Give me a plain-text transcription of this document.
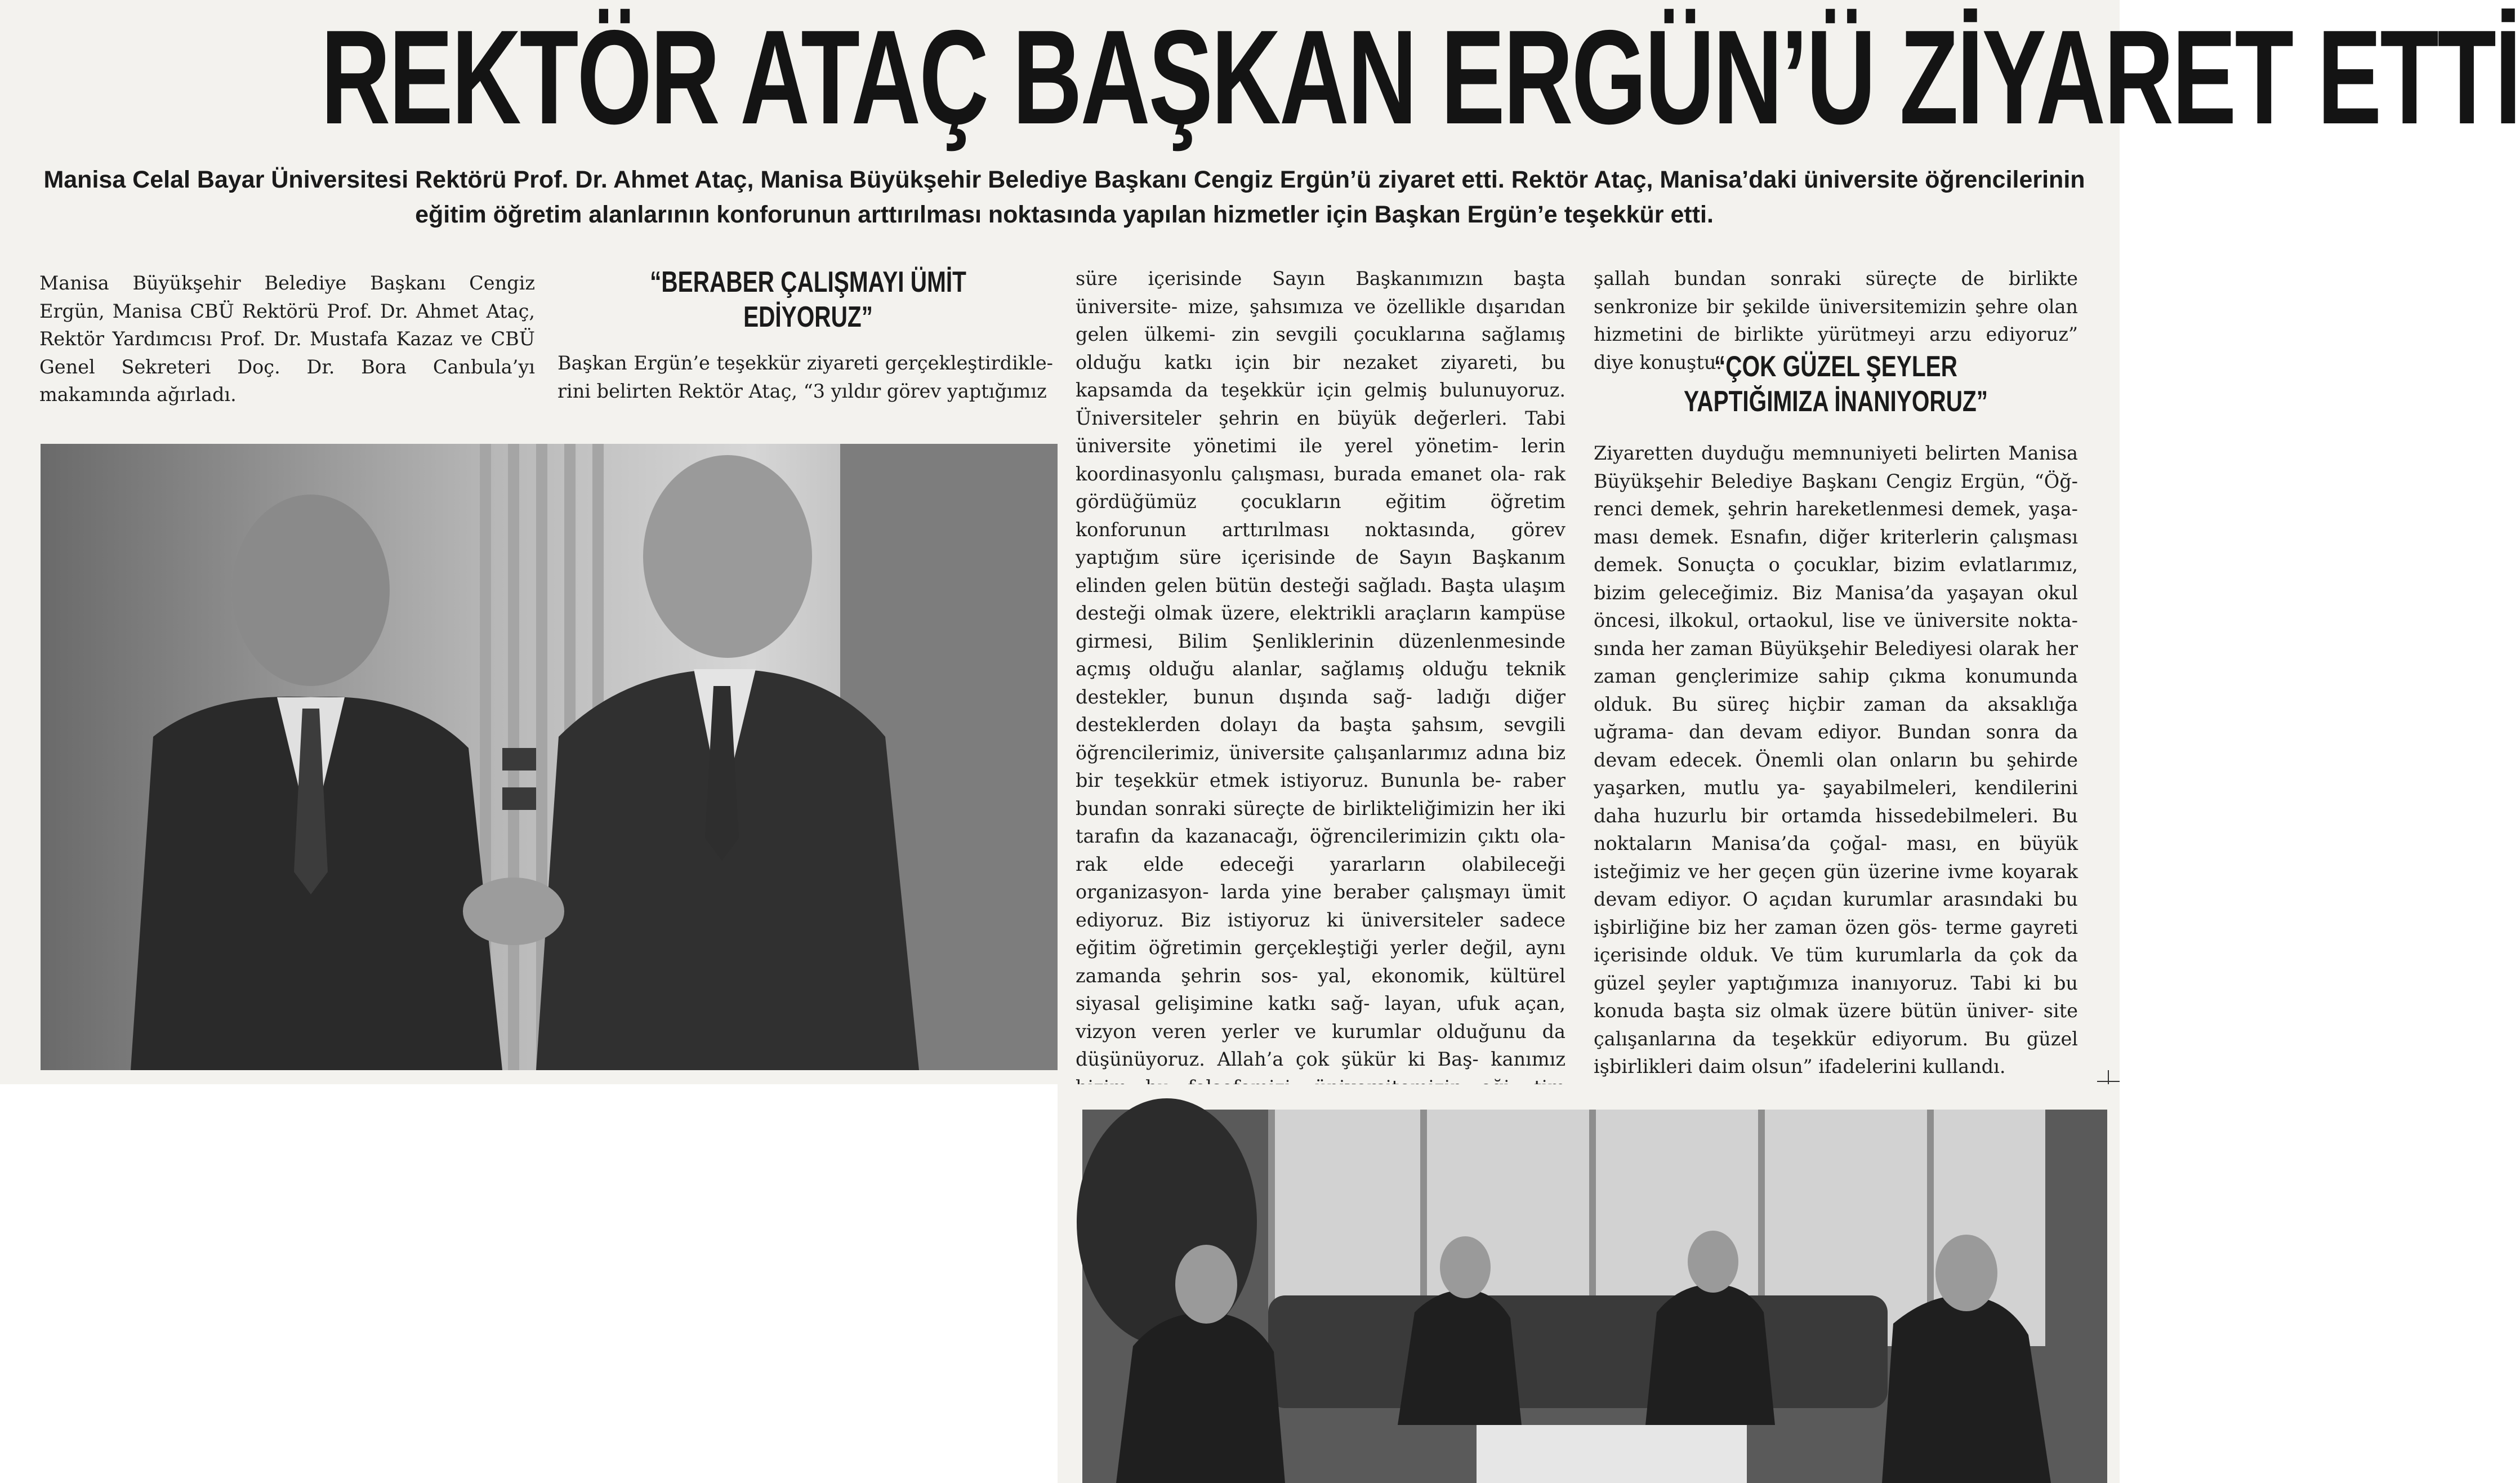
REKTÖR ATAÇ BAŞKAN ERGÜN’Ü ZİYARET ETTİ
Manisa Celal Bayar Üniversitesi Rektörü Prof. Dr. Ahmet Ataç, Manisa Büyükşehir Belediye Başkanı Cengiz Ergün’ü ziyaret etti. Rektör Ataç, Manisa’daki üniversite öğrencilerinin eğitim öğretim alanlarının konforunun arttırılması noktasında yapılan hizmetler için Başkan Ergün’e teşekkür etti.

Manisa Büyükşehir Belediye Başkanı Cengiz Ergün, Manisa CBÜ Rektörü Prof. Dr. Ahmet Ataç, Rektör Yardımcısı Prof. Dr. Mustafa Kazaz ve CBÜ Genel Sekreteri Doç. Dr. Bora Canbula’yı makamında ağırladı.

“BERABER ÇALIŞMAYI ÜMİT EDİYORUZ”

Başkan Ergün’e teşekkür ziyareti gerçekleştirdikle- rini belirten Rektör Ataç, “3 yıldır görev yaptığımız

süre içerisinde Sayın Başkanımızın başta üniversite- mize, şahsımıza ve özellikle dışarıdan gelen ülkemi- zin sevgili çocuklarına sağlamış olduğu katkı için bir nezaket ziyareti, bu kapsamda da teşekkür için gelmiş bulunuyoruz. Üniversiteler şehrin en büyük değerleri. Tabi üniversite yönetimi ile yerel yönetim- lerin koordinasyonlu çalışması, burada emanet ola- rak gördüğümüz çocukların eğitim öğretim konforunun arttırılması noktasında, görev yaptığım süre içerisinde de Sayın Başkanım elinden gelen bütün desteği sağladı. Başta ulaşım desteği olmak üzere, elektrikli araçların kampüse girmesi, Bilim Şenliklerinin düzenlenmesinde açmış olduğu alanlar, sağlamış olduğu teknik destekler, bunun dışında sağ- ladığı diğer desteklerden dolayı da başta şahsım, sevgili öğrencilerimiz, üniversite çalışanlarımız adına biz bir teşekkür etmek istiyoruz. Bununla be- raber bundan sonraki süreçte de birlikteliğimizin her iki tarafın da kazanacağı, öğrencilerimizin çıktı ola- rak elde edeceği yararların olabileceği organizasyon- larda yine beraber çalışmayı ümit ediyoruz. Biz istiyoruz ki üniversiteler sadece eğitim öğretimin gerçekleştiği yerler değil, aynı zamanda şehrin sos- yal, ekonomik, kültürel siyasal gelişimine katkı sağ- layan, ufuk açan, vizyon veren yerler ve kurumlar olduğunu da düşünüyoruz. Allah’a çok şükür ki Baş- kanımız

şallah bundan sonraki süreçte de birlikte senkronize bir şekilde üniversitemizin şehre olan hizmetini de birlikte yürütmeyi arzu ediyoruz” diye konuştu.

“ÇOK GÜZEL ŞEYLER YAPTIĞIMIZA İNANIYORUZ”

Ziyaretten duyduğu memnuniyeti belirten Manisa Büyükşehir Belediye Başkanı Cengiz Ergün, “Öğ- renci demek, şehrin hareketlenmesi demek, yaşa- ması demek. Esnafın, diğer kriterlerin çalışması demek. Sonuçta o çocuklar, bizim evlatlarımız, bizim geleceğimiz. Biz Manisa’da yaşayan okul öncesi, ilkokul, ortaokul, lise ve üniversite nokta- sında her zaman Büyükşehir Belediyesi olarak her zaman gençlerimize sahip çıkma konumunda olduk. Bu süreç hiçbir zaman da aksaklığa uğrama- dan devam ediyor. Bundan sonra da devam edecek. Önemli olan onların bu şehirde yaşarken, mutlu ya- şayabilmeleri, kendilerini daha huzurlu bir ortamda hissedebilmeleri. Bu noktaların Manisa’da çoğal- ması, en büyük isteğimiz ve her geçen gün üzerine ivme koyarak devam ediyor. O açıdan kurumlar arasındaki bu işbirliğine biz her zaman özen gös- terme gayreti içerisinde olduk. Ve tüm kurumlarla da çok da güzel şeyler yaptığımıza inanıyoruz. Tabi ki bu konuda başta siz olmak üzere bütün üniver- site çalışanlarına da teşekkür ediyorum. Bu güzel işbirlikleri daim olsun” ifadelerini kullandı.
